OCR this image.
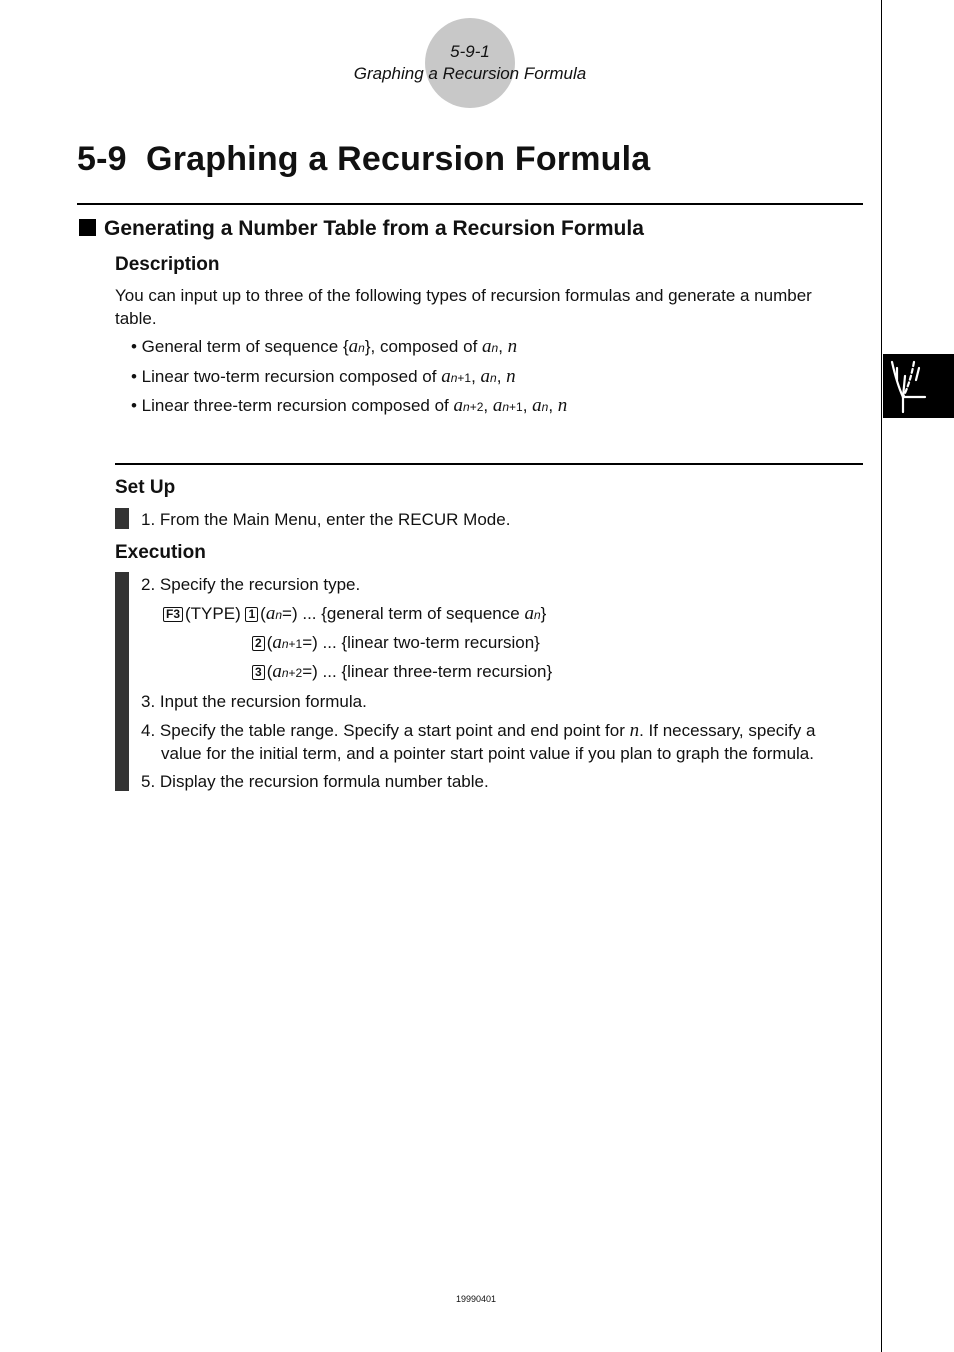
5-9-1
Graphing a Recursion Formula
5-9 Graphing a Recursion Formula
Generating a Number Table from a Recursion Formula
Description

You can input up to three of the following types of recursion formulas and generate a number

table.

• General term of sequence {an}, composed of an, n

• Linear two-term recursion composed of an+1, an, n

• Linear three-term recursion composed of an+2, an+1, an, n

Set Up

1. From the Main Menu, enter the RECUR Mode.

Execution

2. Specify the recursion type.

F3 (TYPE) 1 (an=) ... {general term of sequence an}

2 (an+1=) ... {linear two-term recursion}

3 (an+2=) ... {linear three-term recursion}

3. Input the recursion formula.

4. Specify the table range. Specify a start point and end point for n. If necessary, specify a

value for the initial term, and a pointer start point value if you plan to graph the formula.

5. Display the recursion formula number table.

19990401
